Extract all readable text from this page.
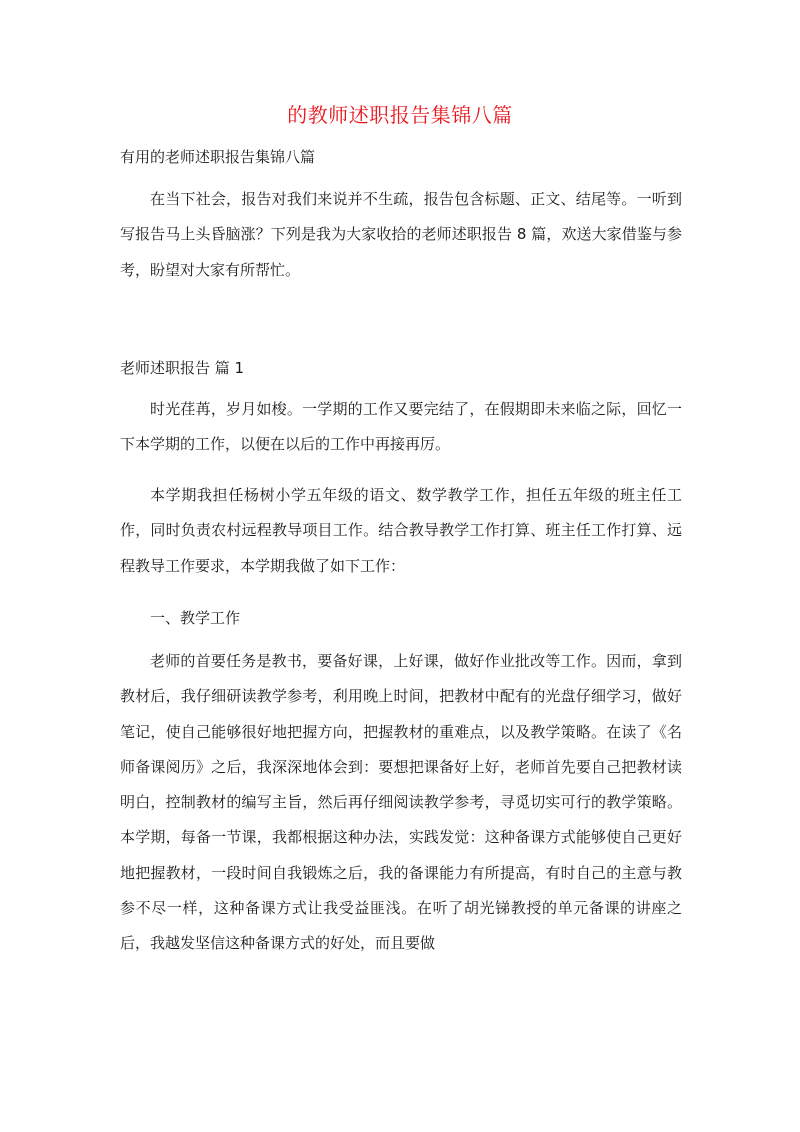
的教师述职报告集锦八篇
有用的老师述职报告集锦八篇

在当下社会，报告对我们来说并不生疏，报告包含标题、正文、结尾等。一听到写报告马上头昏脑涨？下列是我为大家收拾的老师述职报告 8 篇，欢送大家借鉴与参考，盼望对大家有所帮忙。

老师述职报告 篇 1

时光荏苒，岁月如梭。一学期的工作又要完结了，在假期即未来临之际，回忆一下本学期的工作，以便在以后的工作中再接再厉。

本学期我担任杨树小学五年级的语文、数学教学工作，担任五年级的班主任工作，同时负责农村远程教导项目工作。结合教导教学工作打算、班主任工作打算、远程教导工作要求，本学期我做了如下工作：

一、教学工作

老师的首要任务是教书，要备好课，上好课，做好作业批改等工作。因而，拿到教材后，我仔细研读教学参考，利用晚上时间，把教材中配有的光盘仔细学习，做好笔记，使自己能够很好地把握方向，把握教材的重难点，以及教学策略。在读了《名师备课阅历》之后，我深深地体会到：要想把课备好上好，老师首先要自己把教材读明白，控制教材的编写主旨，然后再仔细阅读教学参考，寻觅切实可行的教学策略。本学期，每备一节课，我都根据这种办法，实践发觉：这种备课方式能够使自己更好地把握教材，一段时间自我锻炼之后，我的备课能力有所提高，有时自己的主意与教参不尽一样，这种备课方式让我受益匪浅。在听了胡光锑教授的单元备课的讲座之后，我越发坚信这种备课方式的好处，而且要做
